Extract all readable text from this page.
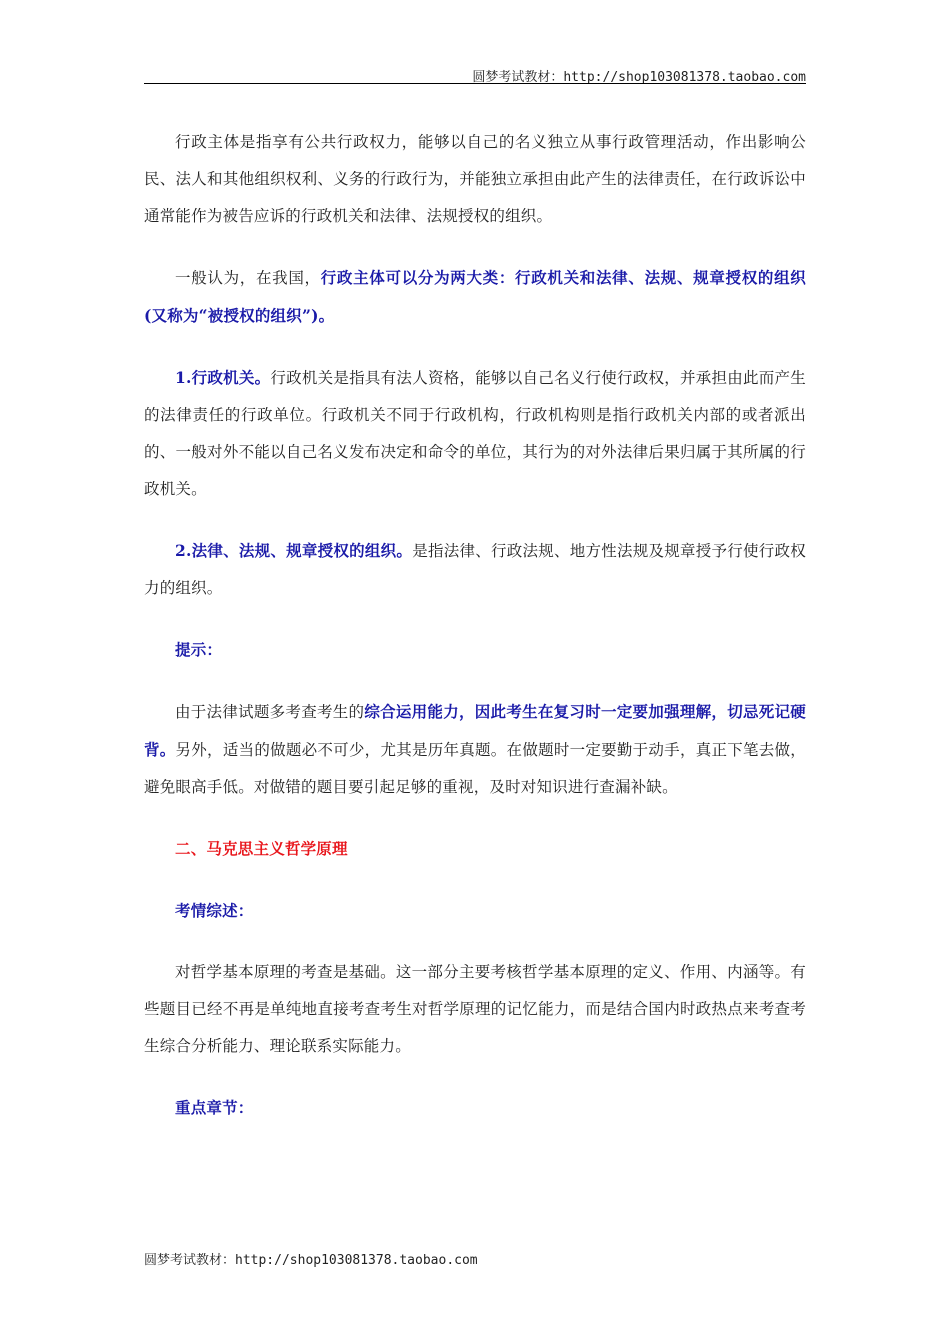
圆梦考试教材：http://shop103081378.taobao.com

行政主体是指享有公共行政权力，能够以自己的名义独立从事行政管理活动，作出影响公民、法人和其他组织权利、义务的行政行为，并能独立承担由此产生的法律责任，在行政诉讼中通常能作为被告应诉的行政机关和法律、法规授权的组织。

一般认为，在我国，行政主体可以分为两大类：行政机关和法律、法规、规章授权的组织(又称为“被授权的组织”)。

1.行政机关。行政机关是指具有法人资格，能够以自己名义行使行政权，并承担由此而产生的法律责任的行政单位。行政机关不同于行政机构，行政机构则是指行政机关内部的或者派出的、一般对外不能以自己名义发布决定和命令的单位，其行为的对外法律后果归属于其所属的行政机关。

2.法律、法规、规章授权的组织。是指法律、行政法规、地方性法规及规章授予行使行政权力的组织。

提示：

由于法律试题多考查考生的综合运用能力，因此考生在复习时一定要加强理解，切忌死记硬背。另外，适当的做题必不可少，尤其是历年真题。在做题时一定要勤于动手，真正下笔去做，避免眼高手低。对做错的题目要引起足够的重视，及时对知识进行查漏补缺。

二、马克思主义哲学原理

考情综述：

对哲学基本原理的考查是基础。这一部分主要考核哲学基本原理的定义、作用、内涵等。有些题目已经不再是单纯地直接考查考生对哲学原理的记忆能力，而是结合国内时政热点来考查考生综合分析能力、理论联系实际能力。

重点章节：

圆梦考试教材：http://shop103081378.taobao.com
